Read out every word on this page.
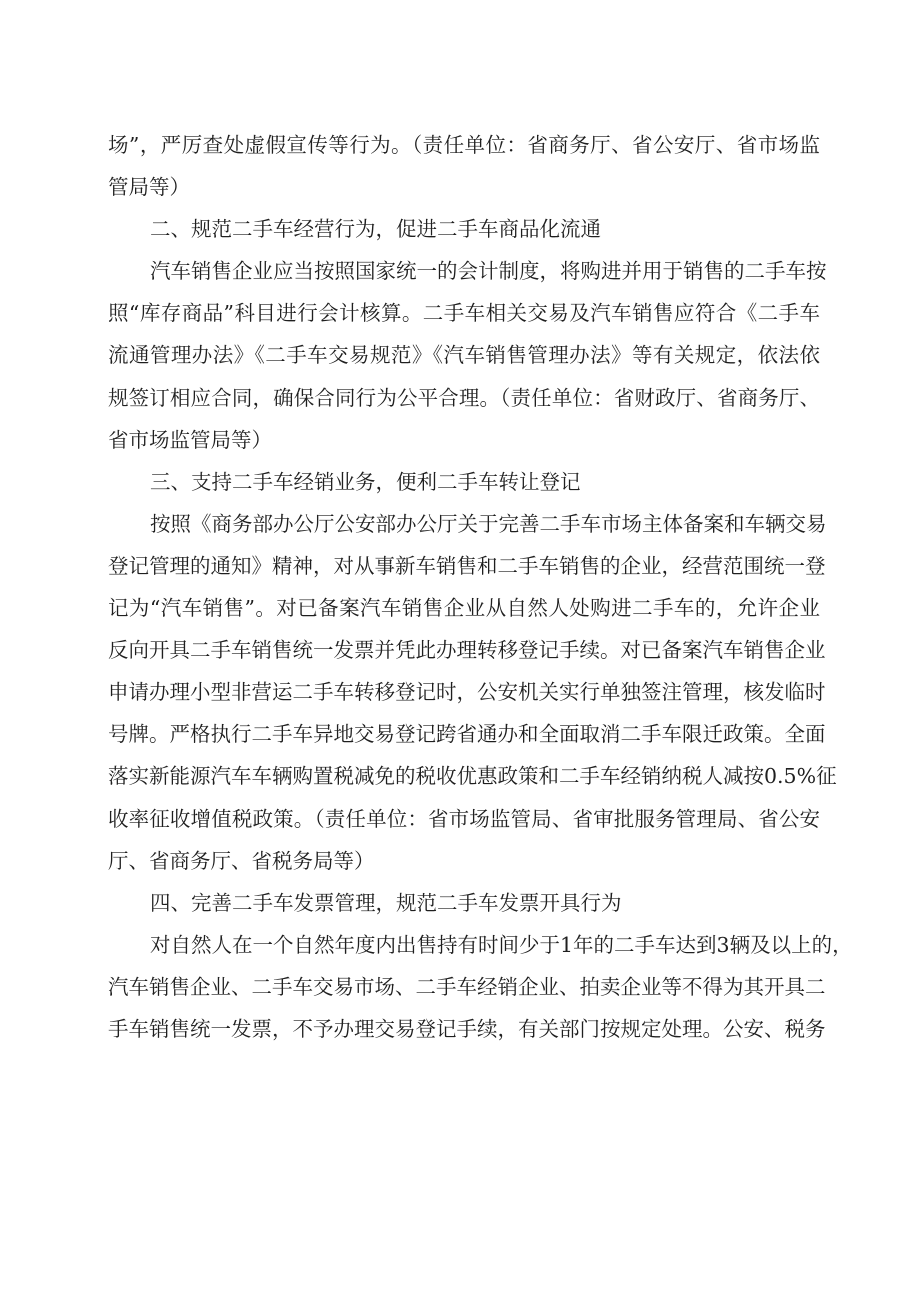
场”，严厉查处虚假宣传等行为。（责任单位：省商务厅、省公安厅、省市场监
管局等）
二、规范二手车经营行为，促进二手车商品化流通
汽车销售企业应当按照国家统一的会计制度，将购进并用于销售的二手车按
照“库存商品”科目进行会计核算。二手车相关交易及汽车销售应符合《二手车
流通管理办法》《二手车交易规范》《汽车销售管理办法》等有关规定，依法依
规签订相应合同，确保合同行为公平合理。（责任单位：省财政厅、省商务厅、
省市场监管局等）
三、支持二手车经销业务，便利二手车转让登记
按照《商务部办公厅公安部办公厅关于完善二手车市场主体备案和车辆交易
登记管理的通知》精神，对从事新车销售和二手车销售的企业，经营范围统一登
记为“汽车销售”。对已备案汽车销售企业从自然人处购进二手车的，允许企业
反向开具二手车销售统一发票并凭此办理转移登记手续。对已备案汽车销售企业
申请办理小型非营运二手车转移登记时，公安机关实行单独签注管理，核发临时
号牌。严格执行二手车异地交易登记跨省通办和全面取消二手车限迁政策。全面
落实新能源汽车车辆购置税减免的税收优惠政策和二手车经销纳税人减按0.5%征
收率征收增值税政策。（责任单位：省市场监管局、省审批服务管理局、省公安
厅、省商务厅、省税务局等）
四、完善二手车发票管理，规范二手车发票开具行为
对自然人在一个自然年度内出售持有时间少于1年的二手车达到3辆及以上的，
汽车销售企业、二手车交易市场、二手车经销企业、拍卖企业等不得为其开具二
手车销售统一发票，不予办理交易登记手续，有关部门按规定处理。公安、税务
